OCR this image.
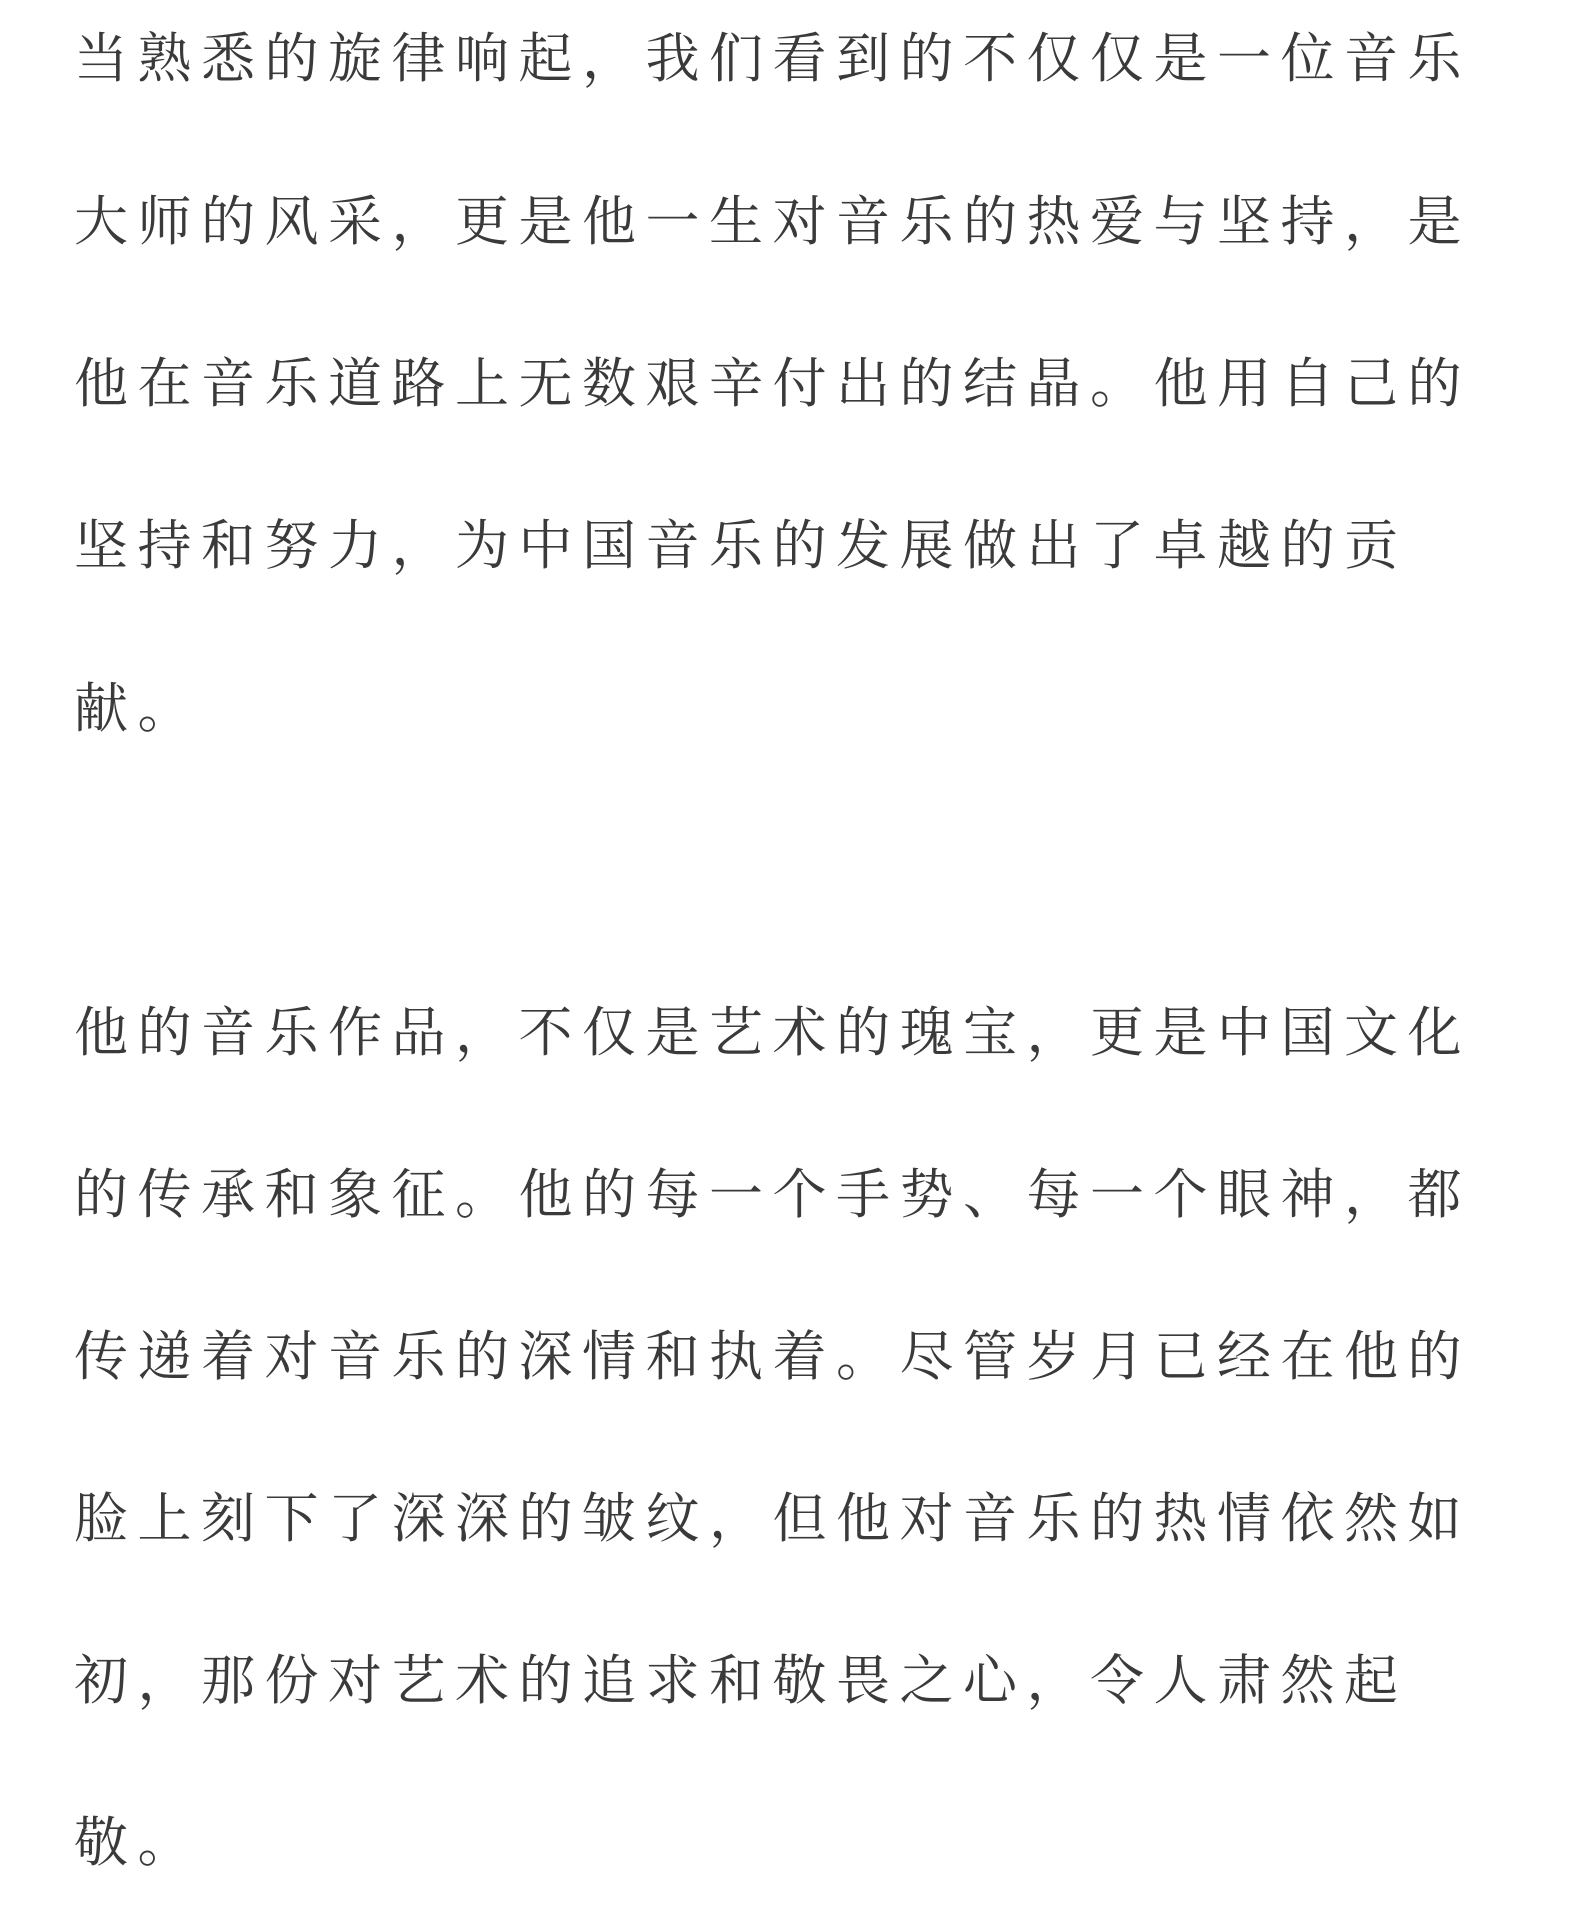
当熟悉的旋律响起，我们看到的不仅仅是一位音乐
大师的风采，更是他一生对音乐的热爱与坚持，是
他在音乐道路上无数艰辛付出的结晶。他用自己的
坚持和努力，为中国音乐的发展做出了卓越的贡
献。
他的音乐作品，不仅是艺术的瑰宝，更是中国文化
的传承和象征。他的每一个手势、每一个眼神，都
传递着对音乐的深情和执着。尽管岁月已经在他的
脸上刻下了深深的皱纹，但他对音乐的热情依然如
初，那份对艺术的追求和敬畏之心，令人肃然起
敬。
